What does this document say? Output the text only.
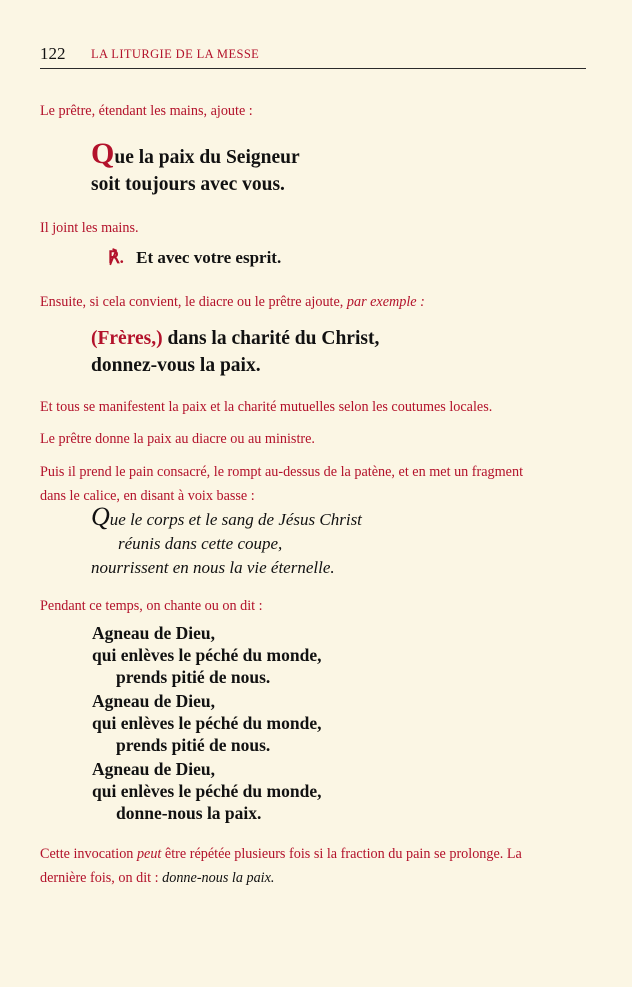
122 LA LITURGIE DE LA MESSE
Le prêtre, étendant les mains, ajoute :
Que la paix du Seigneur
soit toujours avec vous.
Il joint les mains.
℟. Et avec votre esprit.
Ensuite, si cela convient, le diacre ou le prêtre ajoute, par exemple :
(Frères,) dans la charité du Christ,
donnez-vous la paix.
Et tous se manifestent la paix et la charité mutuelles selon les coutumes locales.
Le prêtre donne la paix au diacre ou au ministre.
Puis il prend le pain consacré, le rompt au-dessus de la patène, et en met un fragment
dans le calice, en disant à voix basse :
Que le corps et le sang de Jésus Christ
réunis dans cette coupe,
nourrissent en nous la vie éternelle.
Pendant ce temps, on chante ou on dit :
Agneau de Dieu,
qui enlèves le péché du monde,
prends pitié de nous.
Agneau de Dieu,
qui enlèves le péché du monde,
prends pitié de nous.
Agneau de Dieu,
qui enlèves le péché du monde,
donne-nous la paix.
Cette invocation peut être répétée plusieurs fois si la fraction du pain se prolonge. La
dernière fois, on dit : donne-nous la paix.
